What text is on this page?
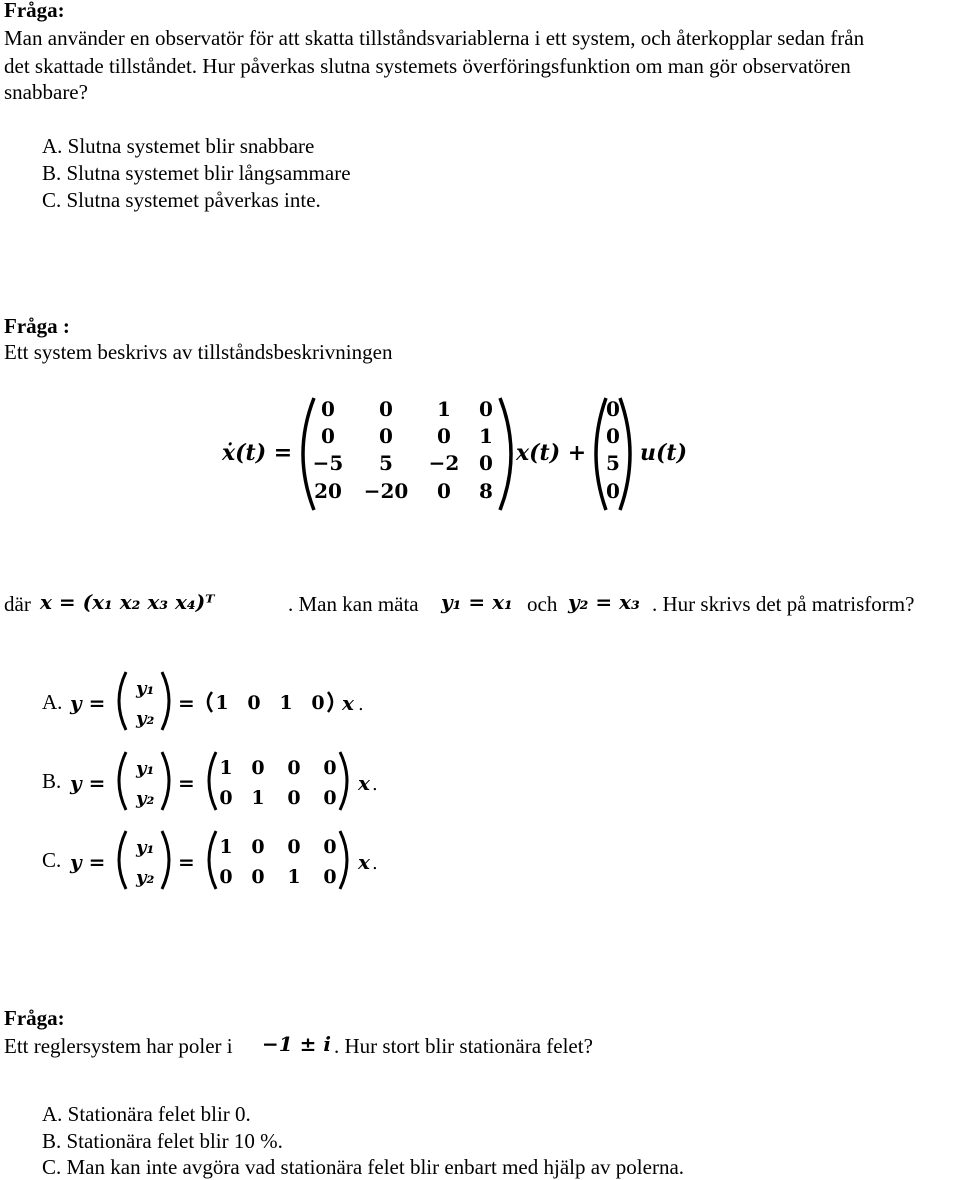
Fråga:
Man använder en observatör för att skatta tillståndsvariablerna i ett system, och återkopplar sedan från
det skattade tillståndet. Hur påverkas slutna systemets överföringsfunktion om man gör observatören
snabbare?
A. Slutna systemet blir snabbare
B. Slutna systemet blir långsammare
C. Slutna systemet påverkas inte.
Fråga :
Ett system beskrivs av tillståndsbeskrivningen
ẋ(t) =
0 0 1 0
0 0 0 1
−5 5 −2 0
20 −20 0 8
x(t) +
0
0
5
0
u(t)
där x = (x₁ x₂ x₃ x₄)ᵀ	. Man kan mäta y₁ = x₁ och y₂ = x₃ . Hur skrivs det på matrisform?
A. y =
y₁
y₂
= 1 0 1 0 x .
B. y =
y₁
y₂
=
1 0 0 0
0 1 0 0
x .
C. y =
y₁
y₂
=
1 0 0 0
0 0 1 0
x .
Fråga:
Ett reglersystem har poler i −1 ± i . Hur stort blir stationära felet?
A. Stationära felet blir 0.
B. Stationära felet blir 10 %.
C. Man kan inte avgöra vad stationära felet blir enbart med hjälp av polerna.
